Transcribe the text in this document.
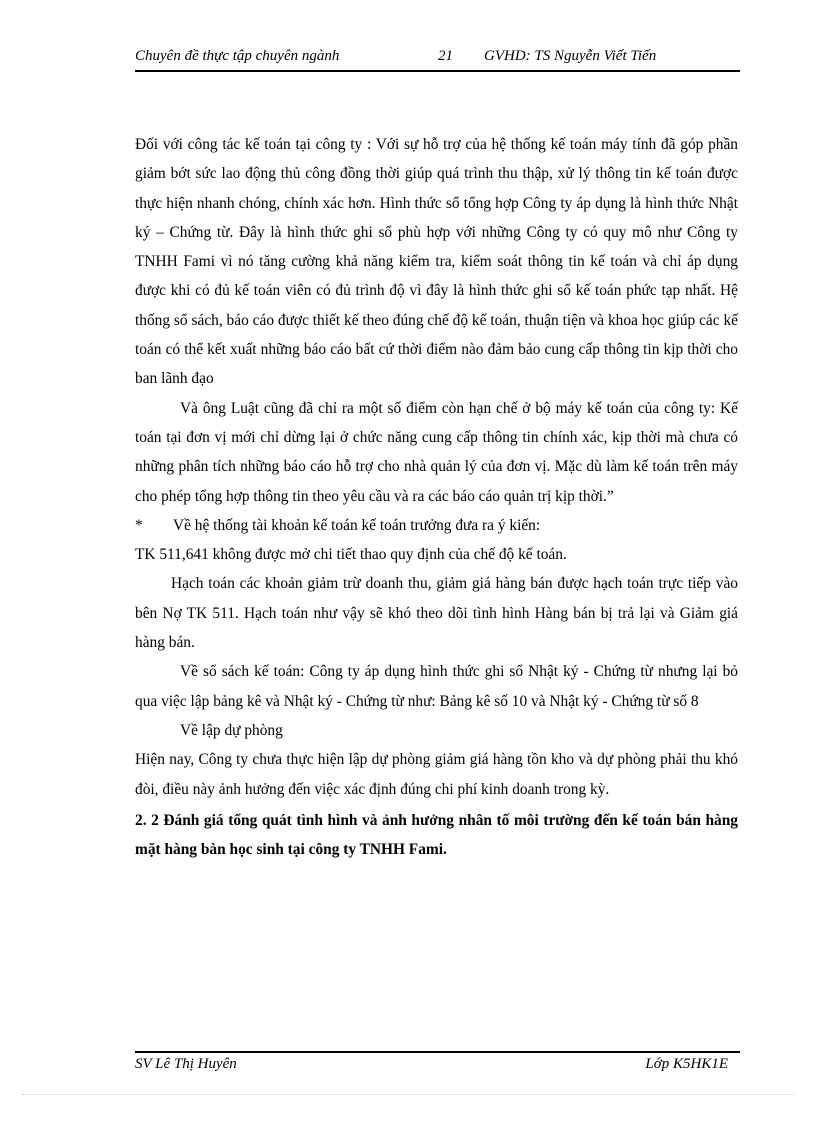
Chuyên đề thực tập chuyên ngành	21 GVHD: TS Nguyễn Viết Tiến

Đối với công tác kế toán tại công ty : Với sự hỗ trợ của hệ thống kế toán máy tính đã góp phần giảm bớt sức lao động thủ công đồng thời giúp quá trình thu thập, xử lý thông tin kế toán được thực hiện nhanh chóng, chính xác hơn. Hình thức sổ tổng hợp Công ty áp dụng là hình thức Nhật ký – Chứng từ. Đây là hình thức ghi sổ phù hợp với những Công ty có quy mô như Công ty TNHH Fami vì nó tăng cường khả năng kiểm tra, kiểm soát thông tin kế toán và chỉ áp dụng được khi có đủ kế toán viên có đủ trình độ vì đây là hình thức ghi sổ kế toán phức tạp nhất. Hệ thống sổ sách, báo cáo được thiết kế theo đúng chế độ kế toán, thuận tiện và khoa học giúp các kế toán có thể kết xuất những báo cáo bất cứ thời điểm nào đảm bảo cung cấp thông tin kịp thời cho ban lãnh đạo

Và ông Luật cũng đã chỉ ra một số điểm còn hạn chế ở bộ máy kế toán của công ty: Kế toán tại đơn vị mới chỉ dừng lại ở chức năng cung cấp thông tin chính xác, kịp thời mà chưa có những phân tích những báo cáo hỗ trợ cho nhà quản lý của đơn vị. Mặc dù làm kế toán trên máy cho phép tổng hợp thông tin theo yêu cầu và ra các báo cáo quản trị kịp thời.”

* Về hệ thống tài khoản kế toán kế toán trưởng đưa ra ý kiến:

TK 511,641 không được mở chi tiết thao quy định của chế độ kế toán.

Hạch toán các khoản giảm trừ doanh thu, giảm giá hàng bán được hạch toán trực tiếp vào bên Nợ TK 511. Hạch toán như vậy sẽ khó theo dõi tình hình Hàng bán bị trả lại và Giảm giá hàng bán.

Về sổ sách kế toán: Công ty áp dụng hình thức ghi sổ Nhật ký - Chứng từ nhưng lại bỏ qua việc lập bảng kê và Nhật ký - Chứng từ như: Bảng kê số 10 và Nhật ký - Chứng từ số 8

Về lập dự phòng

Hiện nay, Công ty chưa thực hiện lập dự phòng giảm giá hàng tồn kho và dự phòng phải thu khó đòi, điều này ảnh hưởng đến việc xác định đúng chi phí kinh doanh trong kỳ.

2. 2 Đánh giá tổng quát tình hình và ảnh hưởng nhân tố môi trường đến kế toán bán hàng mặt hàng bàn học sinh tại công ty TNHH Fami.

SV Lê Thị Huyên	Lớp K5HK1E
